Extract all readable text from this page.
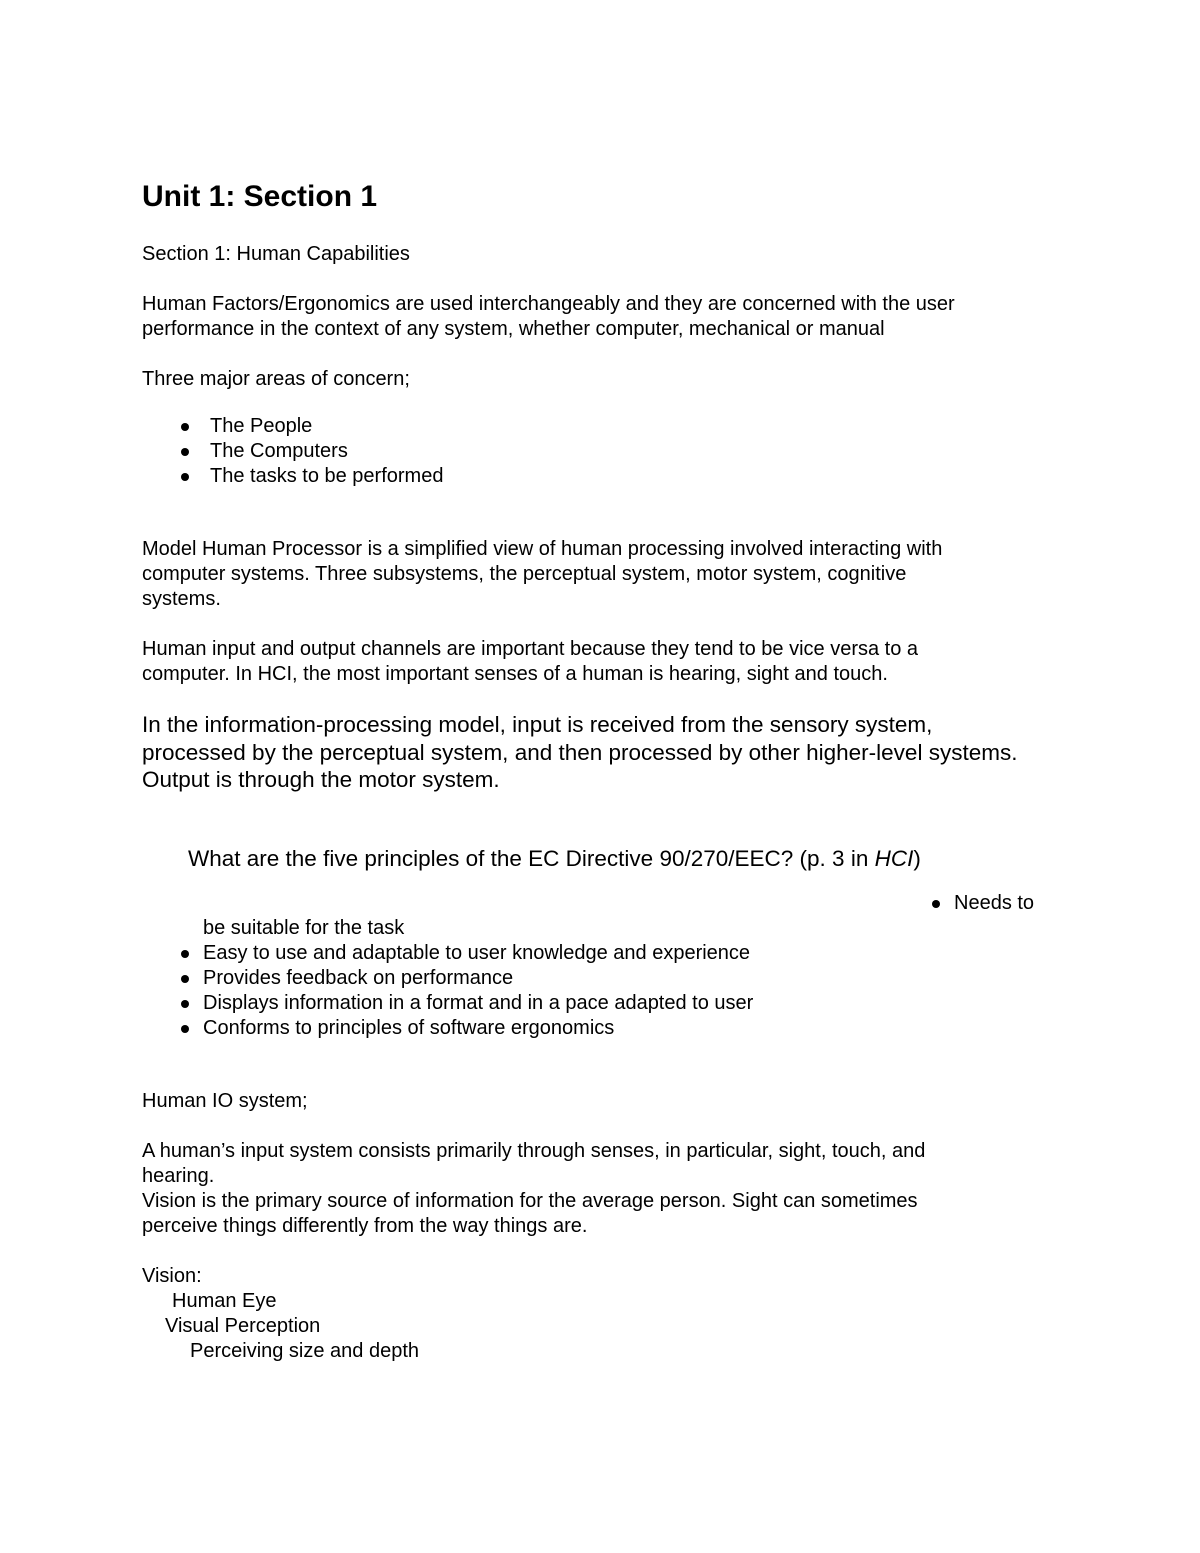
Unit 1: Section 1
Section 1: Human Capabilities
Human Factors/Ergonomics are used interchangeably and they are concerned with the user
performance in the context of any system, whether computer, mechanical or manual
Three major areas of concern;
The People
The Computers
The tasks to be performed
Model Human Processor is a simplified view of human processing involved interacting with
computer systems. Three subsystems, the perceptual system, motor system, cognitive
systems.
Human input and output channels are important because they tend to be vice versa to a
computer. In HCI, the most important senses of a human is hearing, sight and touch.
In the information-processing model, input is received from the sensory system,
processed by the perceptual system, and then processed by other higher-level systems.
Output is through the motor system.
What are the five principles of the EC Directive 90/270/EEC? (p. 3 in HCI)
Needs to
be suitable for the task
Easy to use and adaptable to user knowledge and experience
Provides feedback on performance
Displays information in a format and in a pace adapted to user
Conforms to principles of software ergonomics
Human IO system;
A human’s input system consists primarily through senses, in particular, sight, touch, and
hearing.
Vision is the primary source of information for the average person. Sight can sometimes
perceive things differently from the way things are.
Vision:
Human Eye
Visual Perception
Perceiving size and depth
